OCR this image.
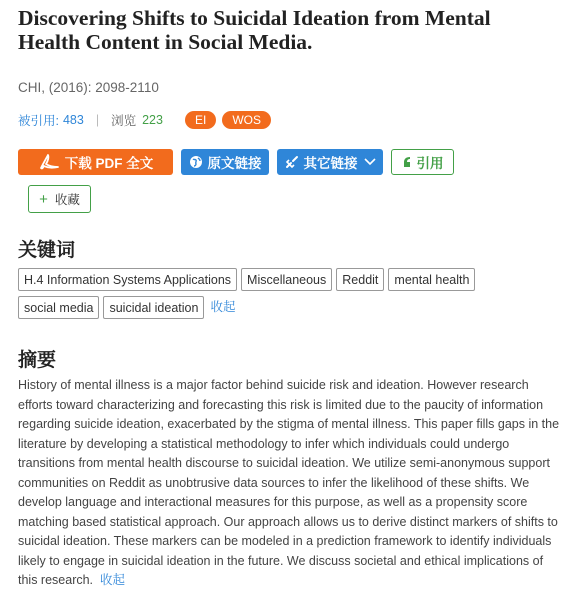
Discovering Shifts to Suicidal Ideation from Mental Health Content in Social Media.
CHI, (2016): 2098-2110
被引用: 483 | 浏览 223	EI	WOS
下载 PDF 全文	原文链接	其它链接	引用
+ 收藏
关键词
H.4 Information Systems Applications Miscellaneous Reddit mental healthsocial media suicidal ideation 收起
摘要
History of mental illness is a major factor behind suicide risk and ideation. However research efforts toward characterizing and forecasting this risk is limited due to the paucity of information regarding suicide ideation, exacerbated by the stigma of mental illness. This paper fills gaps in the literature by developing a statistical methodology to infer which individuals could undergo transitions from mental health discourse to suicidal ideation. We utilize semi-anonymous support communities on Reddit as unobtrusive data sources to infer the likelihood of these shifts. We develop language and interactional measures for this purpose, as well as a propensity score matching based statistical approach. Our approach allows us to derive distinct markers of shifts to suicidal ideation. These markers can be modeled in a prediction framework to identify individuals likely to engage in suicidal ideation in the future. We discuss societal and ethical implications of this research. 收起
